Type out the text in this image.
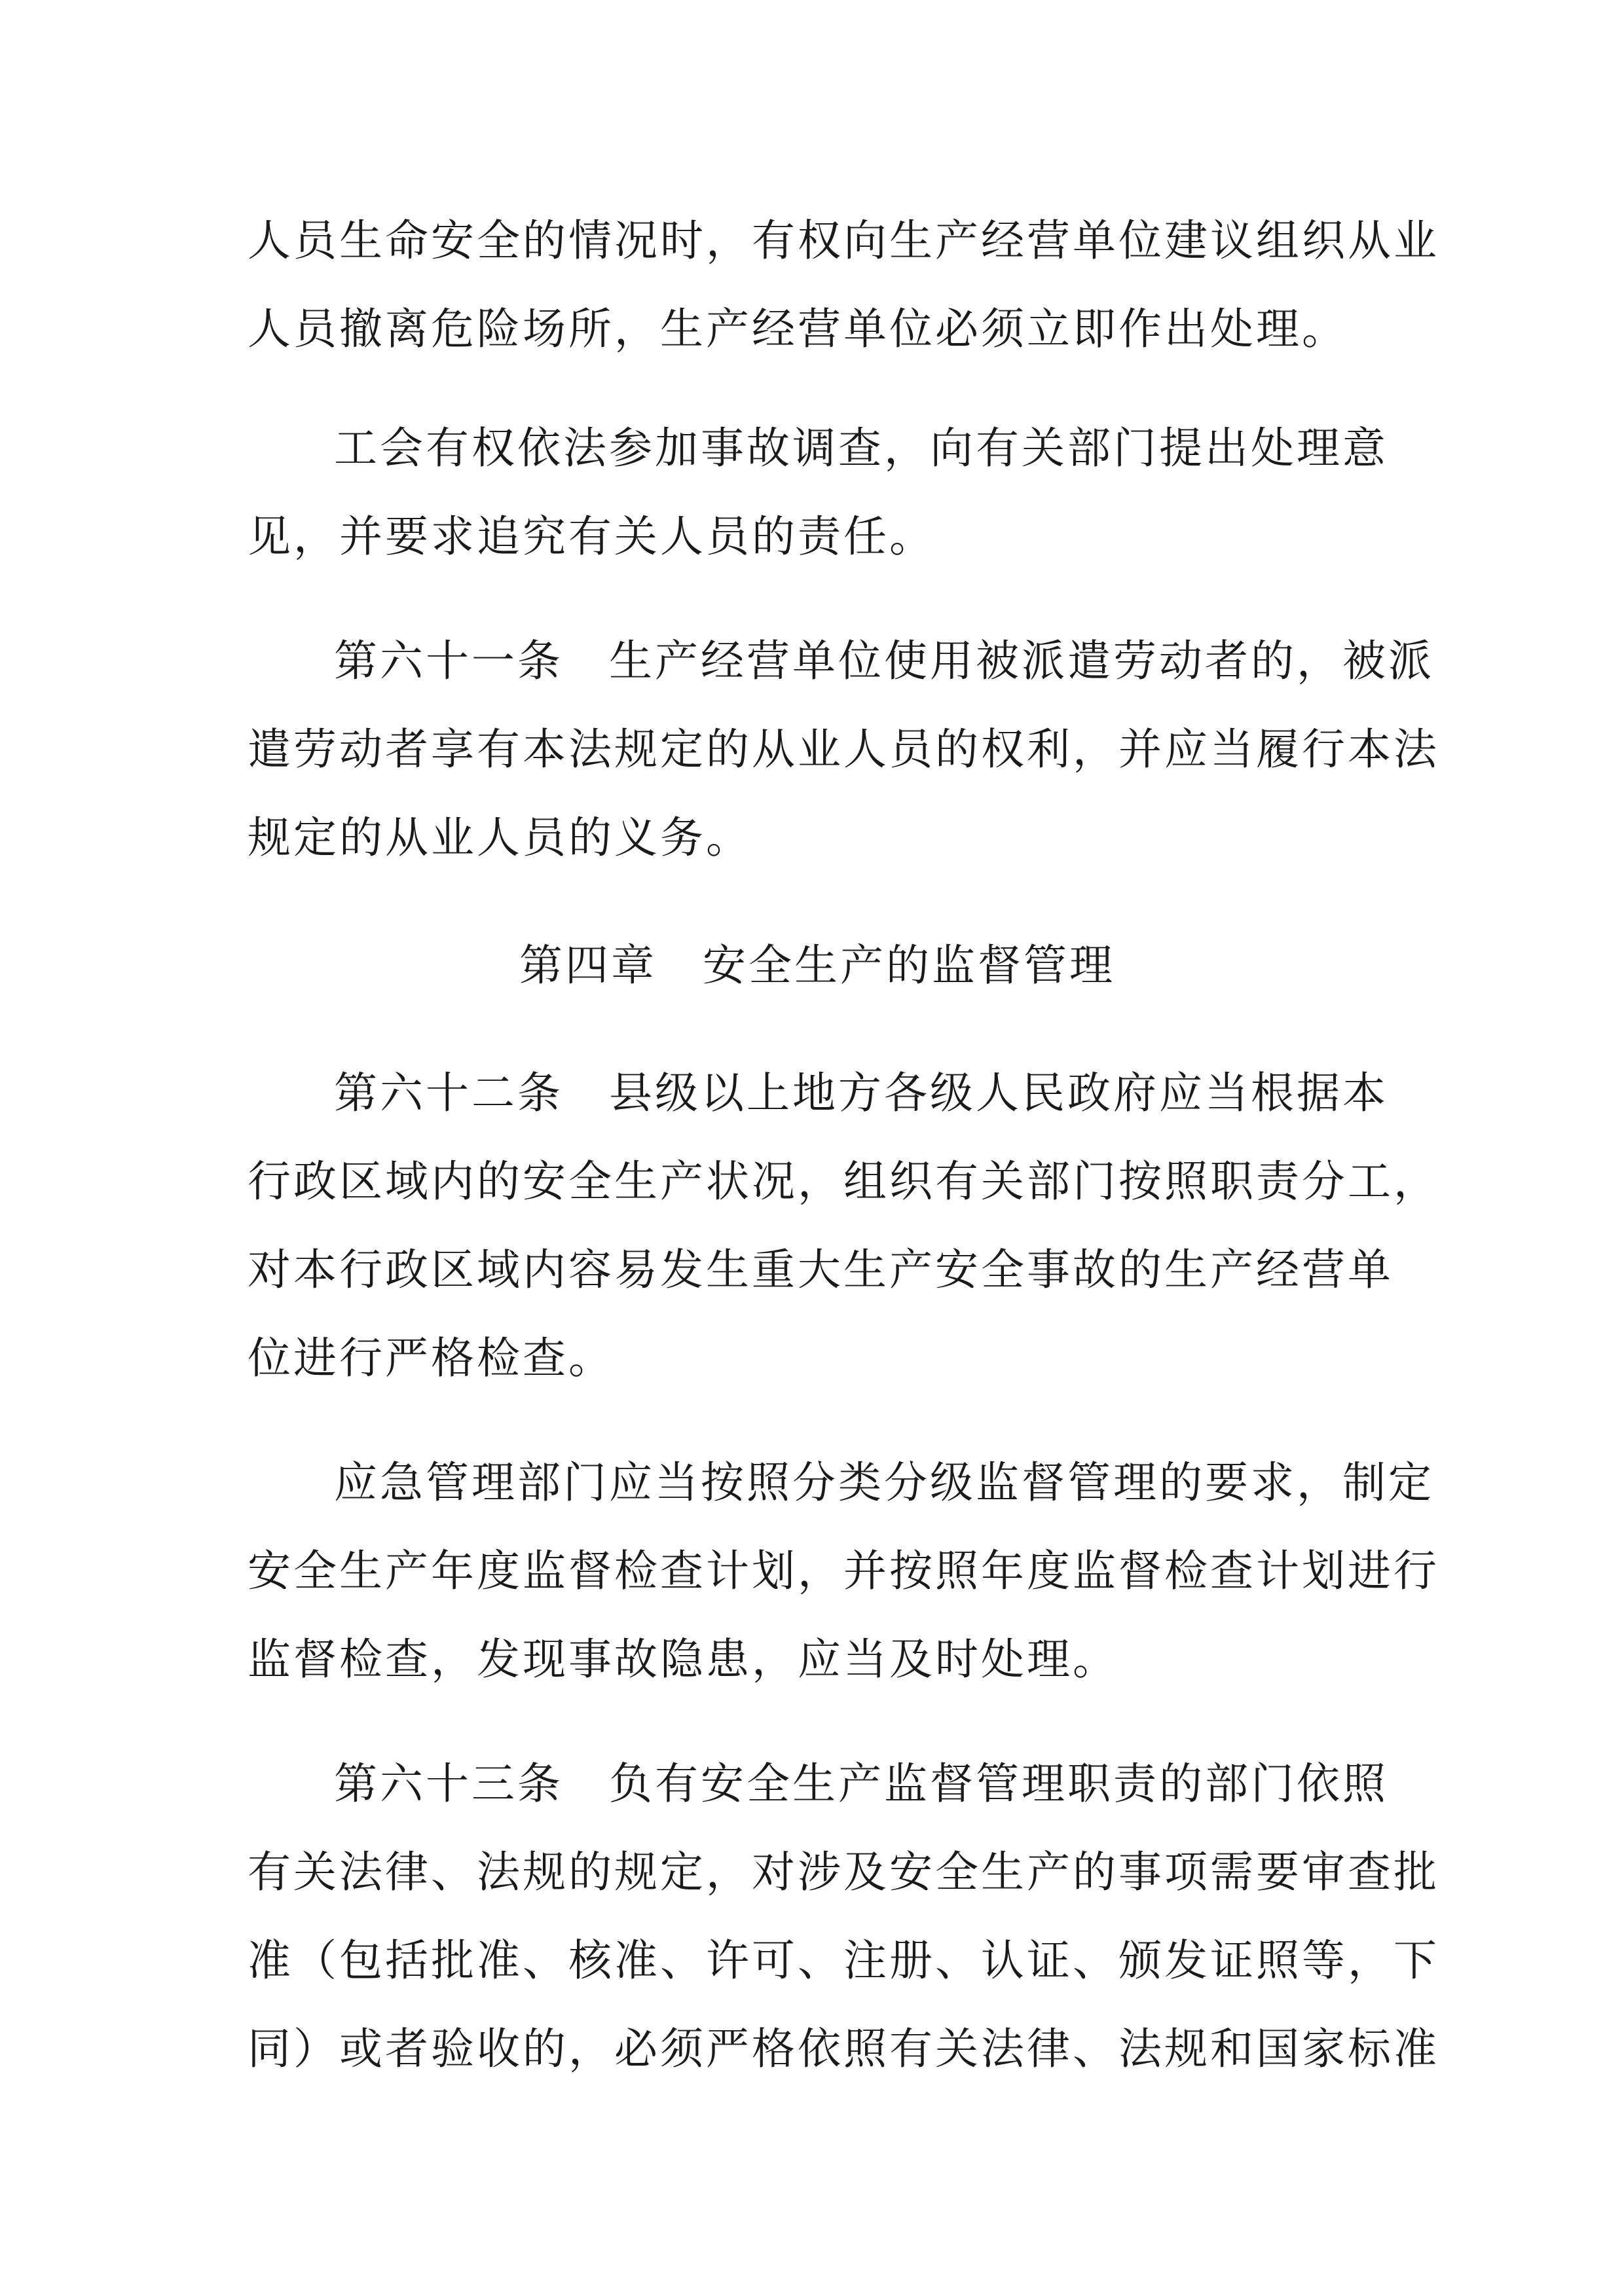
人员生命安全的情况时，有权向生产经营单位建议组织从业
人员撤离危险场所，生产经营单位必须立即作出处理。
工会有权依法参加事故调查，向有关部门提出处理意
见，并要求追究有关人员的责任。
第六十一条　生产经营单位使用被派遣劳动者的，被派
遣劳动者享有本法规定的从业人员的权利，并应当履行本法
规定的从业人员的义务。
第四章　安全生产的监督管理
第六十二条　县级以上地方各级人民政府应当根据本
行政区域内的安全生产状况，组织有关部门按照职责分工，
对本行政区域内容易发生重大生产安全事故的生产经营单
位进行严格检查。
应急管理部门应当按照分类分级监督管理的要求，制定
安全生产年度监督检查计划，并按照年度监督检查计划进行
监督检查，发现事故隐患，应当及时处理。
第六十三条　负有安全生产监督管理职责的部门依照
有关法律、法规的规定，对涉及安全生产的事项需要审查批
准（包括批准、核准、许可、注册、认证、颁发证照等，下
同）或者验收的，必须严格依照有关法律、法规和国家标准
